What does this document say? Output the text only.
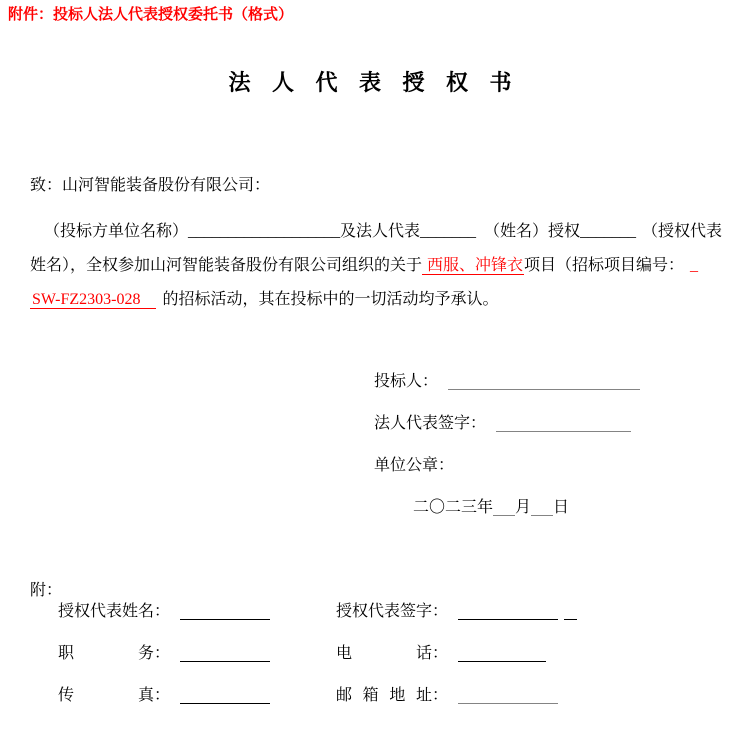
附件：投标人法人代表授权委托书（格式）
法 人 代 表 授 权 书
致：山河智能装备股份有限公司：
（投标方单位名称）___________________及法人代表_______ （姓名）授权_______ （授权代表
姓名），全权参加山河智能装备股份有限公司组织的关于 西服、冲锋衣项目（招标项目编号： _
SW-FZ2303-028 的招标活动，其在投标中的一切活动均予承认。
投标人：
法人代表签字：
单位公章：
二〇二三年 月 日
附：
授权代表姓名：	授权代表签字：
职务：	电话：
传真：	邮箱地址：
